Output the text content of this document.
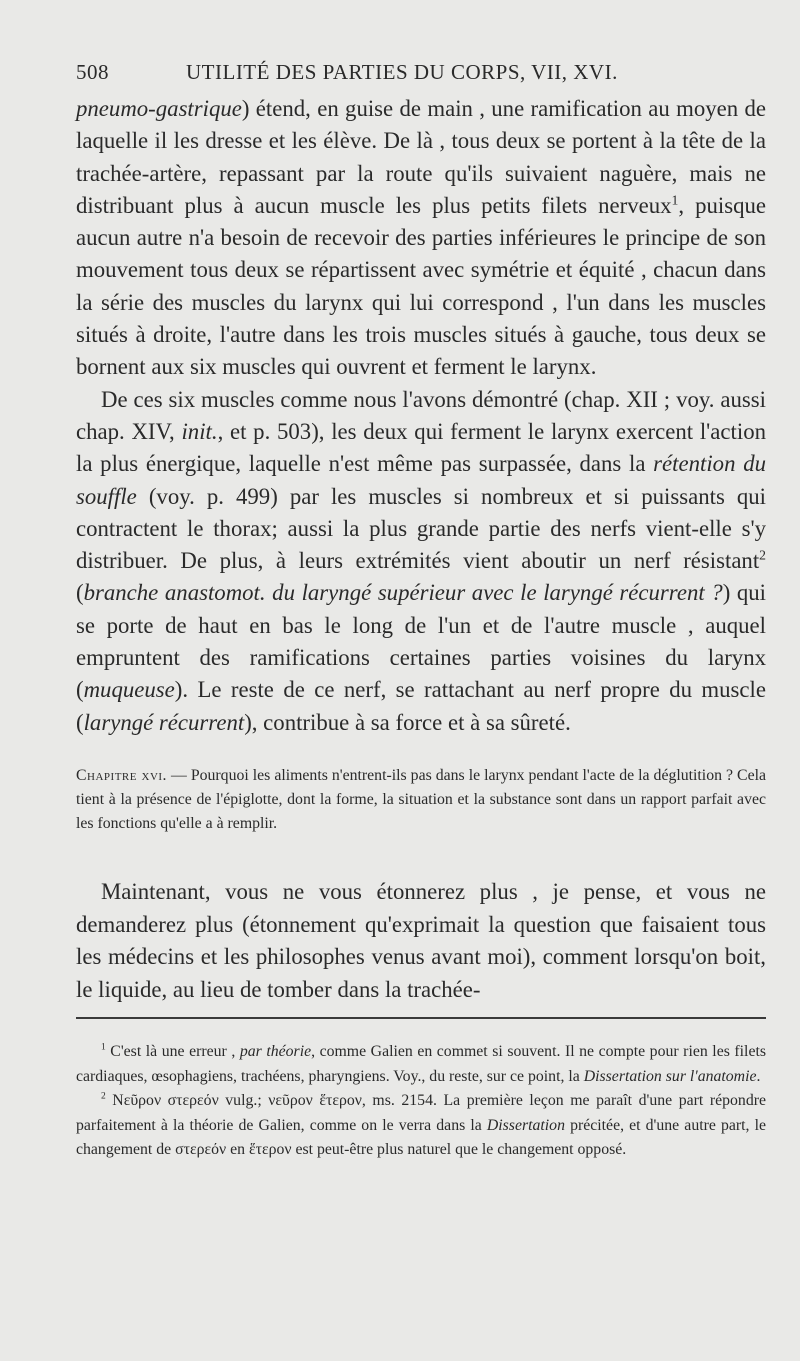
508	UTILITÉ DES PARTIES DU CORPS, VII, XVI.

pneumo-gastrique) étend, en guise de main , une ramification au moyen de laquelle il les dresse et les élève. De là , tous deux se portent à la tête de la trachée-artère, repassant par la route qu'ils suivaient naguère, mais ne distribuant plus à aucun muscle les plus petits filets nerveux$^1$, puisque aucun autre n'a besoin de recevoir des parties inférieures le principe de son mouvement tous deux se répartissent avec symétrie et équité , chacun dans la série des muscles du larynx qui lui correspond , l'un dans les muscles situés à droite, l'autre dans les trois muscles situés à gauche, tous deux se bornent aux six muscles qui ouvrent et ferment le larynx.

De ces six muscles comme nous l'avons démontré (chap. XII ; voy. aussi chap. XIV, init., et p. 503), les deux qui ferment le larynx exercent l'action la plus énergique, laquelle n'est même pas surpassée, dans la rétention du souffle (voy. p. 499) par les muscles si nombreux et si puissants qui contractent le thorax; aussi la plus grande partie des nerfs vient-elle s'y distribuer. De plus, à leurs extrémités vient aboutir un nerf résistant$^2$ (branche anastomot. du laryngé supérieur avec le laryngé récurrent ?) qui se porte de haut en bas le long de l'un et de l'autre muscle , auquel empruntent des ramifications certaines parties voisines du larynx (muqueuse). Le reste de ce nerf, se rattachant au nerf propre du muscle (laryngé récurrent), contribue à sa force et à sa sûreté.

Chapitre xvi. — Pourquoi les aliments n'entrent-ils pas dans le larynx pendant l'acte de la déglutition ? Cela tient à la présence de l'épiglotte, dont la forme, la situation et la substance sont dans un rapport parfait avec les fonctions qu'elle a à remplir.

Maintenant, vous ne vous étonnerez plus , je pense, et vous ne demanderez plus (étonnement qu'exprimait la question que faisaient tous les médecins et les philosophes venus avant moi), comment lorsqu'on boit, le liquide, au lieu de tomber dans la trachée-

$^1$ C'est là une erreur , par théorie, comme Galien en commet si souvent. Il ne compte pour rien les filets cardiaques, œsophagiens, trachéens, pharyngiens. Voy., du reste, sur ce point, la Dissertation sur l'anatomie.

$^2$ Νεῦρον στερεόν vulg.; νεῦρον ἕτερον, ms. 2154. La première leçon me paraît d'une part répondre parfaitement à la théorie de Galien, comme on le verra dans la Dissertation précitée, et d'une autre part, le changement de στερεόν en ἕτερον est peut-être plus naturel que le changement opposé.
